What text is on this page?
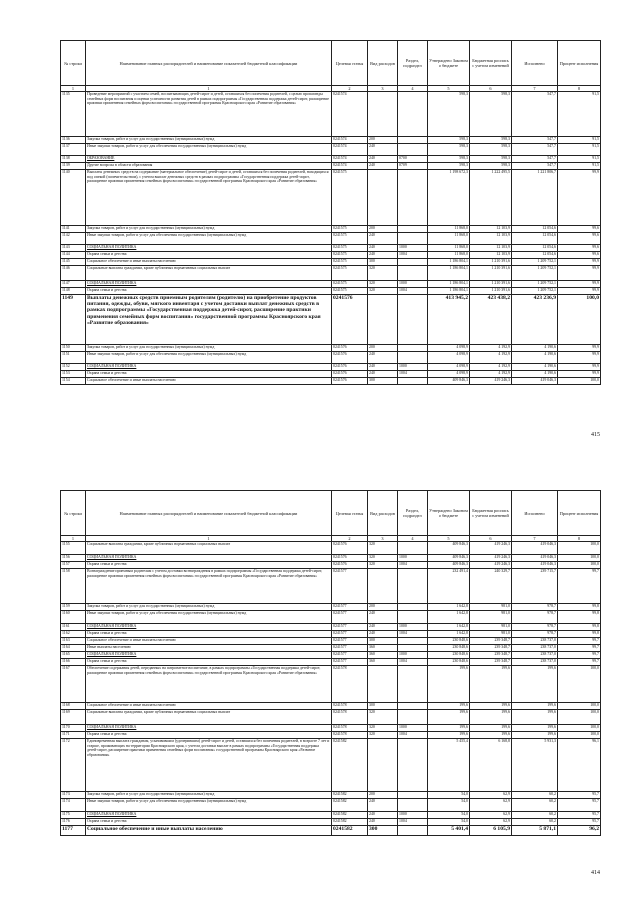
№ строки	Наименование главных распорядителей и наименование показателей бюджетной классификации	Целевая статья	Вид расходов	Раздел, подраздел	Утверждено Законом о бюджете	Бюджетная роспись с учетом изменений	Исполнено	Процент исполнения
1	1	2	3	4	5	6	7	8
1135	Проведение мероприятий с участием семей, воспитывающих детей-сирот и детей, оставшихся без попечения родителей, с целью пропаганды семейных форм воспитания и оценки успешности развития детей в рамках подпрограммы «Государственная поддержка детей-сирот, расширение практики применения семейных форм воспитания» государственной программы Красноярского края «Развитие образования»	0241574			598,3	598,3	547,7	91,5
1136	Закупка товаров, работ и услуг для государственных (муниципальных) нужд	0241574	200		598,3	598,3	547,7	91,5
1137	Иные закупки товаров, работ и услуг для обеспечения государственных (муниципальных) нужд	0241574	240		598,3	598,3	547,7	91,5
1138	ОБРАЗОВАНИЕ	0241574	240	0700	598,3	598,3	547,7	91,5
1139	Другие вопросы в области образования	0241574	240	0709	598,3	598,3	547,7	91,5
1140	Выплаты денежных средств на содержание (материальное обеспечение) детей-сирот и детей, оставшихся без попечения родителей, находящихся под опекой (попечительством), с учетом выплат денежных средств в рамках подпрограммы «Государственная поддержка детей-сирот, расширение практики применения семейных форм воспитания» государственной программы Красноярского края «Развитие образования»	0241575			1 198 672,3	1 222 495,5	1 221 806,7	99,9
1141	Закупка товаров, работ и услуг для государственных (муниципальных) нужд	0241575	200		11 868,0	12 103,9	12 054,6	99,6
1142	Иные закупки товаров, работ и услуг для обеспечения государственных (муниципальных) нужд	0241575	240		11 868,0	12 103,9	12 054,6	99,6
1143	СОЦИАЛЬНАЯ ПОЛИТИКА	0241575	240	1000	11 868,0	12 103,9	12 054,6	99,6
1144	Охрана семьи и детства	0241575	240	1004	11 868,0	12 103,9	12 054,6	99,6
1145	Социальное обеспечение и иные выплаты населению	0241575	300		1 186 804,1	1 210 391,6	1 209 752,1	99,9
1146	Социальные выплаты гражданам, кроме публичных нормативных социальных выплат	0241575	320		1 186 804,1	1 210 391,6	1 209 752,1	99,9
1147	СОЦИАЛЬНАЯ ПОЛИТИКА	0241575	320	1000	1 186 804,1	1 210 391,6	1 209 752,1	99,9
1148	Охрана семьи и детства	0241575	320	1004	1 186 804,1	1 210 391,6	1 209 752,1	99,9
1149	Выплаты денежных средств приемным родителям (родителю) на приобретение продуктов питания, одежды, обуви, мягкого инвентаря с учетом доставки выплат денежных средств в рамках подпрограммы «Государственная поддержка детей-сирот, расширение практики применения семейных форм воспитания» государственной программы Красноярского края «Развитие образования»	0241576			413 945,2	423 438,2	423 236,9	100,0
1150	Закупка товаров, работ и услуг для государственных (муниципальных) нужд	0241576	200		4 098,9	4 192,9	4 190,6	99,9
1151	Иные закупки товаров, работ и услуг для обеспечения государственных (муниципальных) нужд	0241576	240		4 098,9	4 192,9	4 190,6	99,9
1152	СОЦИАЛЬНАЯ ПОЛИТИКА	0241576	240	1000	4 098,9	4 192,9	4 190,6	99,9
1153	Охрана семьи и детства	0241576	240	1004	4 098,9	4 192,9	4 190,6	99,9
1154	Социальное обеспечение и иные выплаты населению	0241576	300		409 846,3	419 246,3	419 046,3	100,0
415
№ строки	Наименование главных распорядителей и наименование показателей бюджетной классификации	Целевая статья	Вид расходов	Раздел, подраздел	Утверждено Законом о бюджете	Бюджетная роспись с учетом изменений	Исполнено	Процент исполнения
1	1	2	3	4	5	6	7	8
1155	Социальные выплаты гражданам, кроме публичных нормативных социальных выплат	0241576	320		409 846,3	419 246,3	419 046,3	100,0
1156	СОЦИАЛЬНАЯ ПОЛИТИКА	0241576	320	1000	409 846,3	419 246,3	419 046,3	100,0
1157	Охрана семьи и детства	0241576	320	1004	409 846,3	419 246,3	419 046,3	100,0
1158	Вознаграждение приемным родителям с учетом доставки вознаграждения в рамках подпрограммы «Государственная поддержка детей-сирот, расширение практики применения семейных форм воспитания» государственной программы Красноярского края «Развитие образования»	0241577			232 491,4	240 329,7	239 715,7	99,7
1159	Закупка товаров, работ и услуг для государственных (муниципальных) нужд	0241577	200		1 642,8	981,0	978,7	99,8
1160	Иные закупки товаров, работ и услуг для обеспечения государственных (муниципальных) нужд	0241577	240		1 642,8	981,0	978,7	99,8
1161	СОЦИАЛЬНАЯ ПОЛИТИКА	0241577	240	1000	1 642,8	981,0	978,7	99,8
1162	Охрана семьи и детства	0241577	240	1004	1 642,8	981,0	978,7	99,8
1163	Социальное обеспечение и иные выплаты населению	0241577	300		230 848,6	239 348,7	238 737,0	99,7
1164	Иные выплаты населению	0241577	360		230 848,6	239 348,7	238 737,0	99,7
1165	СОЦИАЛЬНАЯ ПОЛИТИКА	0241577	360	1000	230 848,6	239 348,7	238 737,0	99,7
1166	Охрана семьи и детства	0241577	360	1004	230 848,6	239 348,7	238 737,0	99,7
1167	Обеспечение содержания детей, переданных на патронатное воспитание, в рамках подпрограммы «Государственная поддержка детей-сирот, расширение практики применения семейных форм воспитания» государственной программы Красноярского края «Развитие образования»	0241578			199,6	199,6	199,6	100,0
1168	Социальное обеспечение и иные выплаты населению	0241578	300		199,6	199,6	199,6	100,0
1169	Социальные выплаты гражданам, кроме публичных нормативных социальных выплат	0241578	320		199,6	199,6	199,6	100,0
1170	СОЦИАЛЬНАЯ ПОЛИТИКА	0241578	320	1000	199,6	199,6	199,6	100,0
1171	Охрана семьи и детства	0241578	320	1004	199,6	199,6	199,6	100,0
1172	Единовременная выплата гражданам, усыновившим (удочерившим) детей-сирот и детей, оставшихся без попечения родителей, в возрасте 7 лет и старше, проживающих на территории Красноярского края, с учетом доставки выплат в рамках подпрограммы «Государственная поддержка детей-сирот, расширение практики применения семейных форм воспитания» государственной программы Красноярского края «Развитие образования»	0241582			5 455,4	6 168,8	5 931,3	96,1
1173	Закупка товаров, работ и услуг для государственных (муниципальных) нужд	0241582	200		54,0	62,9	60,2	95,7
1174	Иные закупки товаров, работ и услуг для обеспечения государственных (муниципальных) нужд	0241582	240		54,0	62,9	60,2	95,7
1175	СОЦИАЛЬНАЯ ПОЛИТИКА	0241582	240	1000	54,0	62,9	60,2	95,7
1176	Охрана семьи и детства	0241582	240	1004	54,0	62,9	60,2	95,7
1177	Социальное обеспечение и иные выплаты населению	0241582	300		5 401,4	6 105,9	5 871,1	96,2
414
